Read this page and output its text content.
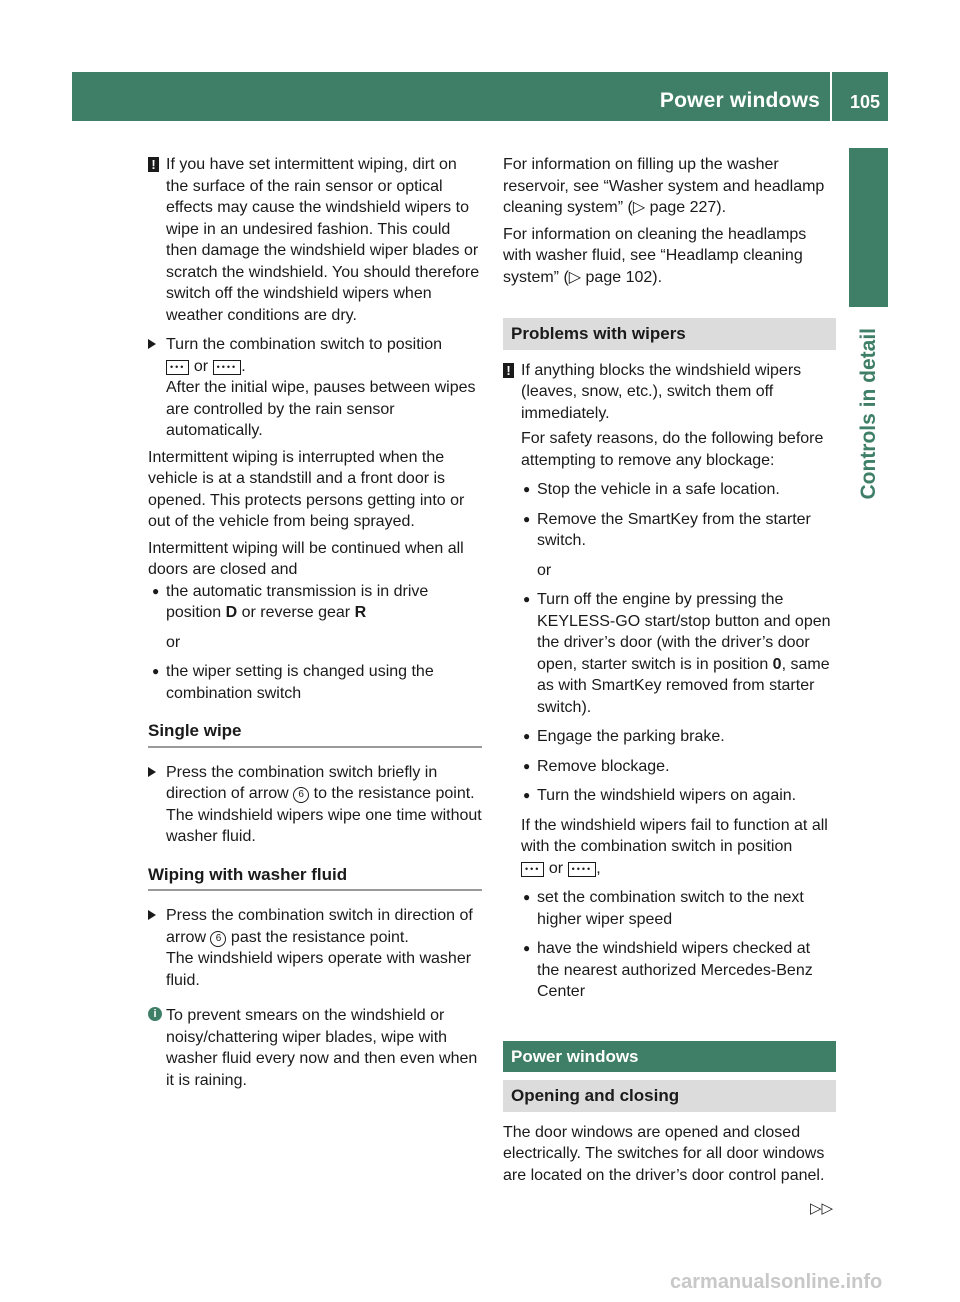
Power windows 105
Controls in detail
! If you have set intermittent wiping, dirt on the surface of the rain sensor or optical effects may cause the windshield wipers to wipe in an undesired fashion. This could then damage the windshield wiper blades or scratch the windshield. You should therefore switch off the windshield wipers when weather conditions are dry.
Turn the combination switch to position
••• or •••• .
After the initial wipe, pauses between wipes are controlled by the rain sensor automatically.

Intermittent wiping is interrupted when the vehicle is at a standstill and a front door is opened. This protects persons getting into or out of the vehicle from being sprayed.

Intermittent wiping will be continued when all doors are closed and

● the automatic transmission is in drive position D or reverse gear R
or
● the wiper setting is changed using the combination switch
Single wipe
Press the combination switch briefly in direction of arrow 6 to the resistance point.
The windshield wipers wipe one time without washer fluid.
Wiping with washer fluid
Press the combination switch in direction of arrow 6 past the resistance point.
The windshield wipers operate with washer fluid.
i To prevent smears on the windshield or noisy/chattering wiper blades, wipe with washer fluid every now and then even when it is raining.

For information on filling up the washer reservoir, see “Washer system and headlamp cleaning system” (▷ page 227).

For information on cleaning the headlamps with washer fluid, see “Headlamp cleaning system” (▷ page 102).

Problems with wipers
! If anything blocks the windshield wipers (leaves, snow, etc.), switch them off immediately.

For safety reasons, do the following before attempting to remove any blockage:

● Stop the vehicle in a safe location.
● Remove the SmartKey from the starter switch.
or
● Turn off the engine by pressing the KEYLESS-GO start/stop button and open the driver’s door (with the driver’s door open, starter switch is in position 0, same as with SmartKey removed from starter switch).
● Engage the parking brake.
● Remove blockage.
● Turn the windshield wipers on again.

If the windshield wipers fail to function at all with the combination switch in position
••• or •••• ,

● set the combination switch to the next higher wiper speed
● have the windshield wipers checked at the nearest authorized Mercedes-Benz Center
Power windows
Opening and closing

The door windows are opened and closed electrically. The switches for all door windows are located on the driver’s door control panel.

▷▷
carmanualsonline.info
